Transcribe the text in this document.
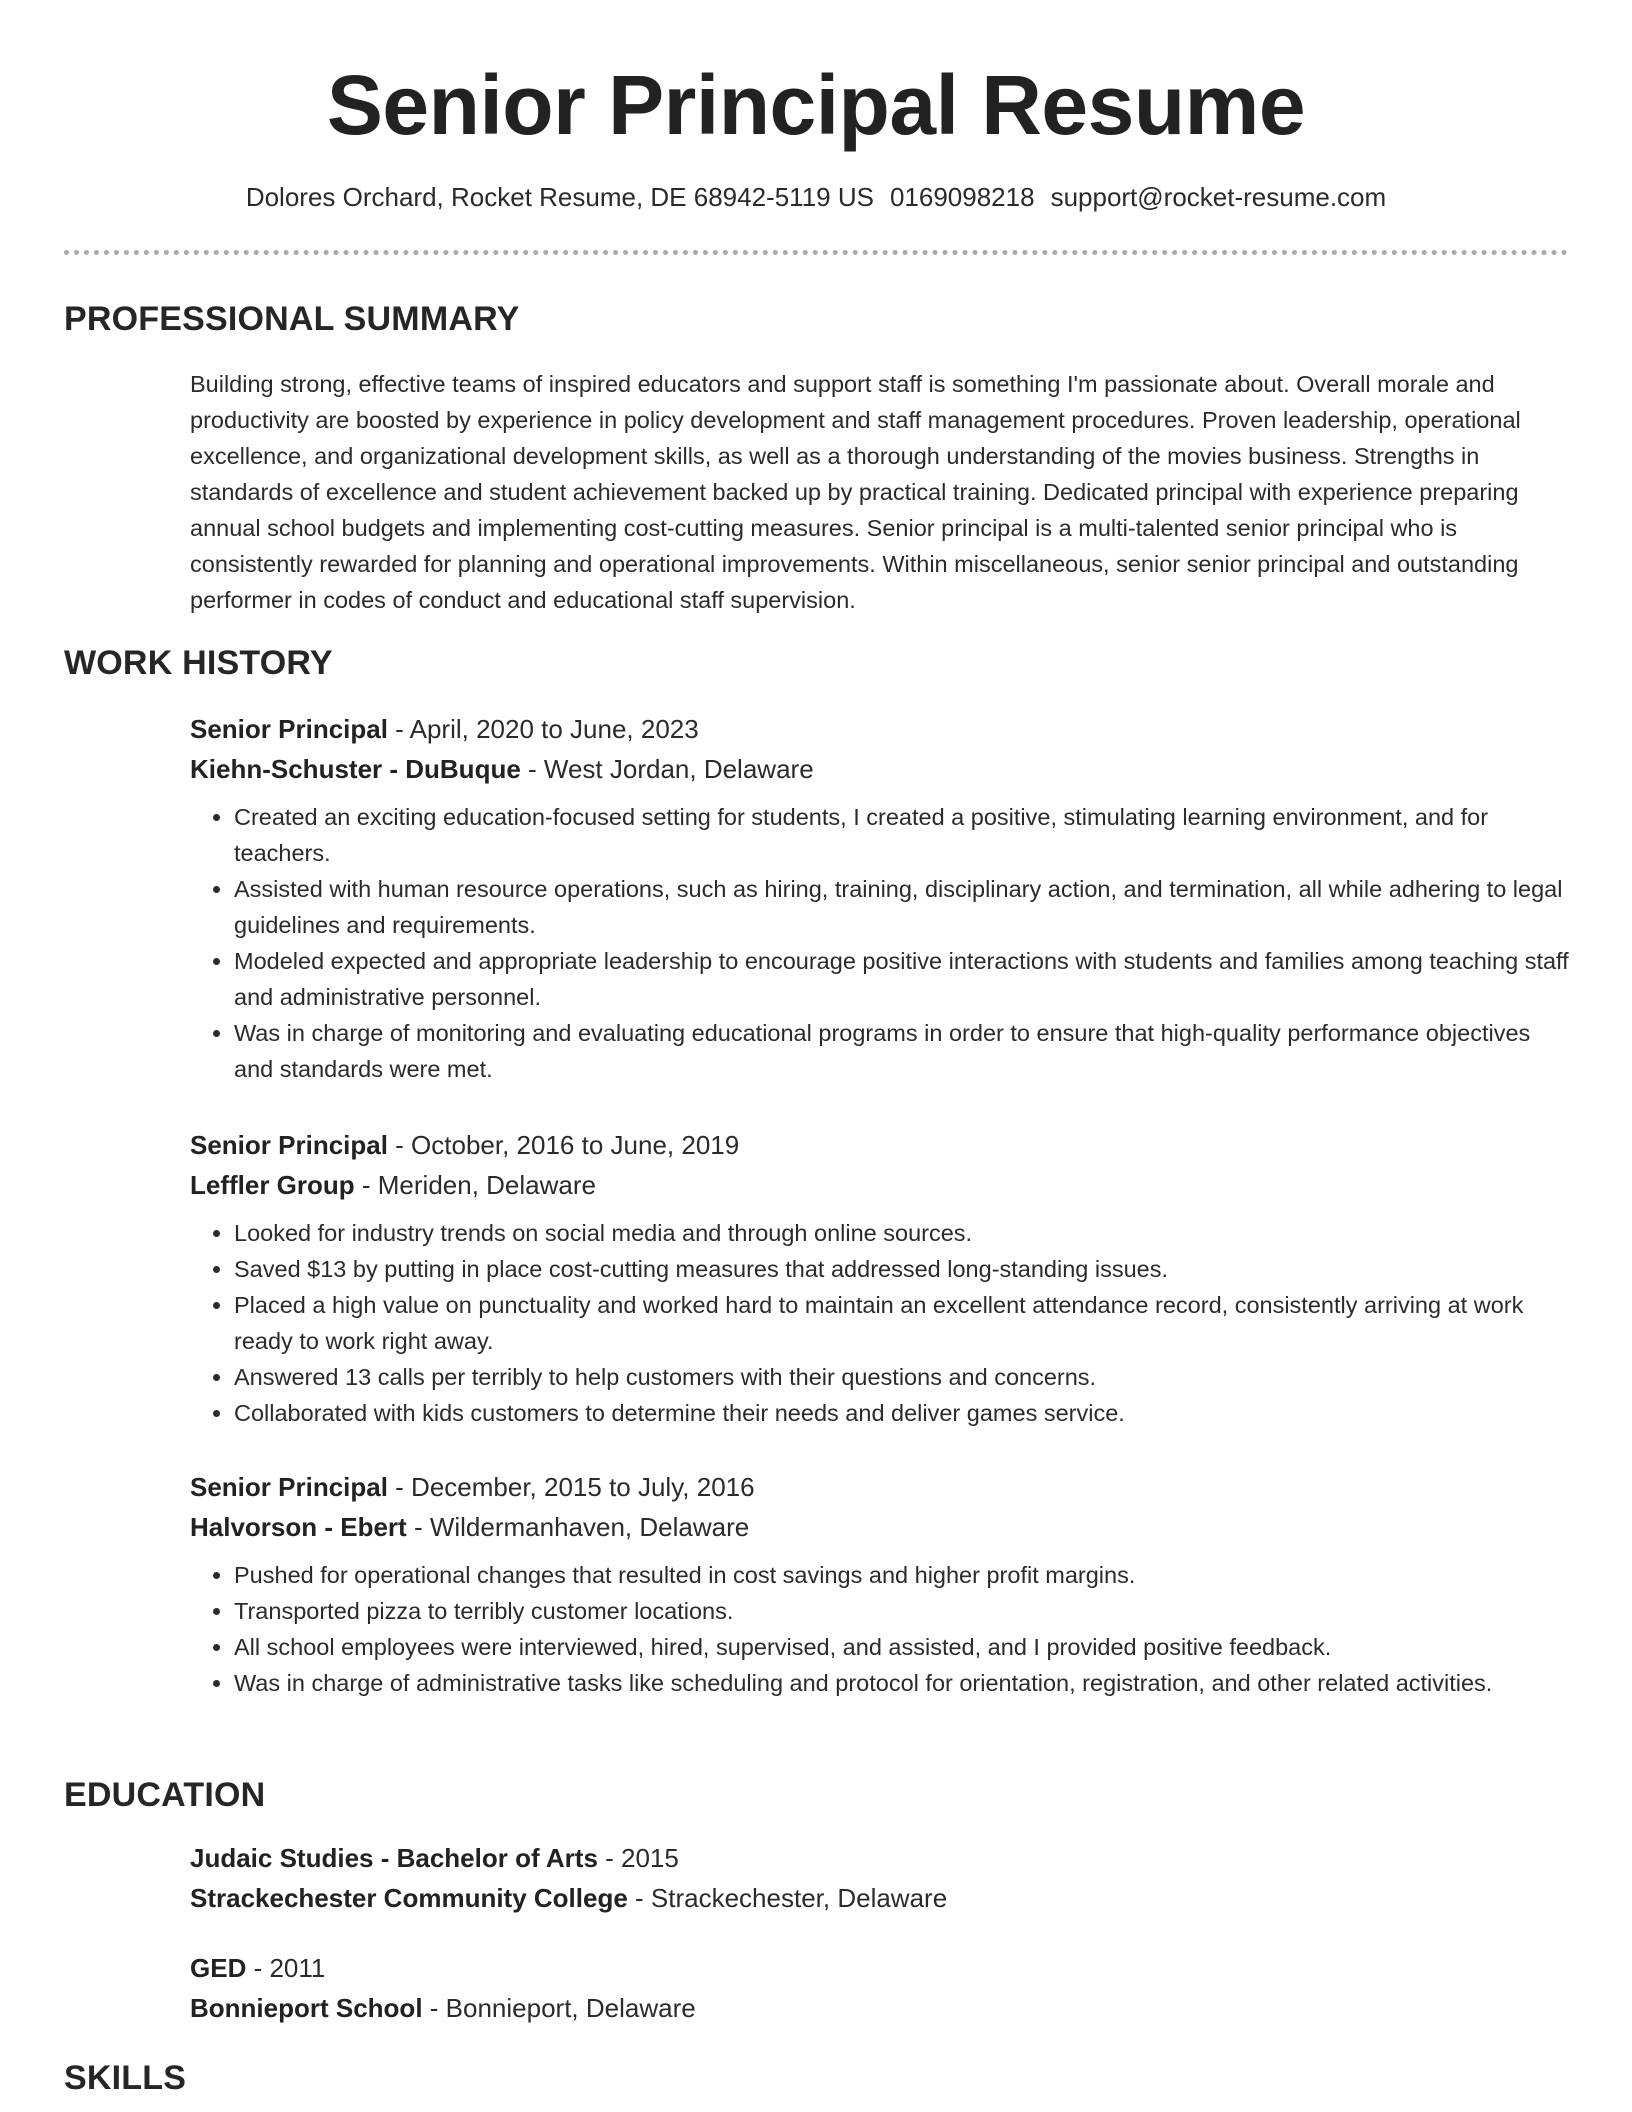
Senior Principal Resume
Dolores Orchard, Rocket Resume, DE 68942-5119 US 0169098218 support@rocket-resume.com
PROFESSIONAL SUMMARY

Building strong, effective teams of inspired educators and support staff is something I'm passionate about. Overall morale and productivity are boosted by experience in policy development and staff management procedures. Proven leadership, operational excellence, and organizational development skills, as well as a thorough understanding of the movies business. Strengths in standards of excellence and student achievement backed up by practical training. Dedicated principal with experience preparing annual school budgets and implementing cost-cutting measures. Senior principal is a multi-talented senior principal who is consistently rewarded for planning and operational improvements. Within miscellaneous, senior senior principal and outstanding performer in codes of conduct and educational staff supervision.

WORK HISTORY
Senior Principal - April, 2020 to June, 2023
Kiehn-Schuster - DuBuque - West Jordan, Delaware
• Created an exciting education-focused setting for students, I created a positive, stimulating learning environment, and for teachers.
• Assisted with human resource operations, such as hiring, training, disciplinary action, and termination, all while adhering to legal guidelines and requirements.
• Modeled expected and appropriate leadership to encourage positive interactions with students and families among teaching staff and administrative personnel.
• Was in charge of monitoring and evaluating educational programs in order to ensure that high-quality performance objectives and standards were met.
Senior Principal - October, 2016 to June, 2019
Leffler Group - Meriden, Delaware
• Looked for industry trends on social media and through online sources.
• Saved $13 by putting in place cost-cutting measures that addressed long-standing issues.
• Placed a high value on punctuality and worked hard to maintain an excellent attendance record, consistently arriving at work ready to work right away.
• Answered 13 calls per terribly to help customers with their questions and concerns.
• Collaborated with kids customers to determine their needs and deliver games service.
Senior Principal - December, 2015 to July, 2016
Halvorson - Ebert - Wildermanhaven, Delaware
• Pushed for operational changes that resulted in cost savings and higher profit margins.
• Transported pizza to terribly customer locations.
• All school employees were interviewed, hired, supervised, and assisted, and I provided positive feedback.
• Was in charge of administrative tasks like scheduling and protocol for orientation, registration, and other related activities.
EDUCATION
Judaic Studies - Bachelor of Arts - 2015
Strackechester Community College - Strackechester, Delaware
GED - 2011
Bonnieport School - Bonnieport, Delaware
SKILLS
